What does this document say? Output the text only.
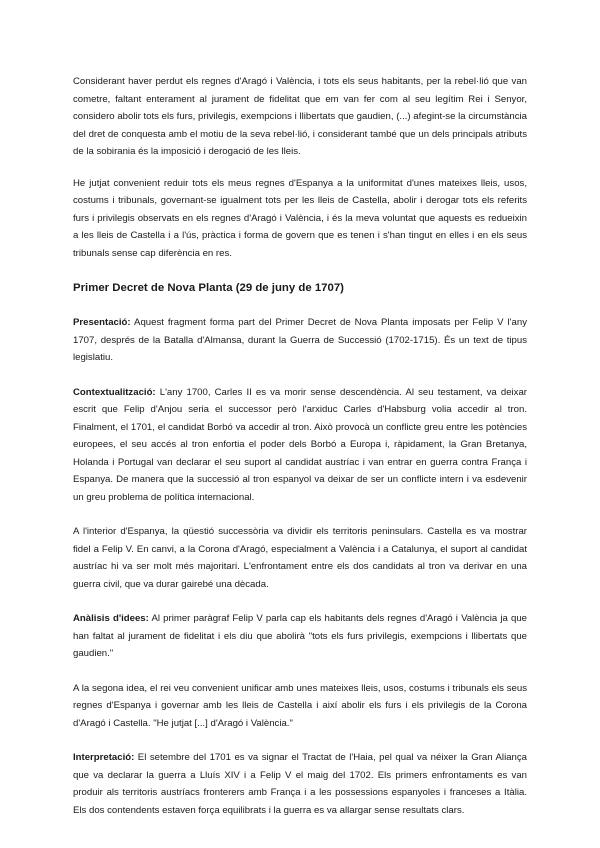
Considerant haver perdut els regnes d'Aragó i València, i tots els seus habitants, per la rebel·lió que van cometre, faltant enterament al jurament de fidelitat que em van fer com al seu legítim Rei i Senyor, considero abolir tots els furs, privilegis, exempcions i llibertats que gaudien, (...) afegint-se la circumstància del dret de conquesta amb el motiu de la seva rebel·lió, i considerant també que un dels principals atributs de la sobirania és la imposició i derogació de les lleis.

He jutjat convenient reduir tots els meus regnes d'Espanya a la uniformitat d'unes mateixes lleis, usos, costums i tribunals, governant-se igualment tots per les lleis de Castella, abolir i derogar tots els referits furs i privilegis observats en els regnes d'Aragó i València, i és la meva voluntat que aquests es redueixin a les lleis de Castella i a l'ús, pràctica i forma de govern que es tenen i s'han tingut en elles i en els seus tribunals sense cap diferència en res.

Primer Decret de Nova Planta (29 de juny de 1707)

Presentació: Aquest fragment forma part del Primer Decret de Nova Planta imposats per Felip V l'any 1707, després de la Batalla d'Almansa, durant la Guerra de Successió (1702-1715). És un text de tipus legislatiu.

Contextualització: L'any 1700, Carles II es va morir sense descendència. Al seu testament, va deixar escrit que Felip d'Anjou seria el successor però l'arxiduc Carles d'Habsburg volia accedir al tron. Finalment, el 1701, el candidat Borbó va accedir al tron. Això provocà un conflicte greu entre les potències europees, el seu accés al tron enfortia el poder dels Borbó a Europa i, ràpidament, la Gran Bretanya, Holanda i Portugal van declarar el seu suport al candidat austríac i van entrar en guerra contra França i Espanya. De manera que la successió al tron espanyol va deixar de ser un conflicte intern i va esdevenir un greu problema de política internacional.

A l'interior d'Espanya, la qüestió successòria va dividir els territoris peninsulars. Castella es va mostrar fidel a Felip V. En canvi, a la Corona d'Aragó, especialment a València i a Catalunya, el suport al candidat austríac hi va ser molt més majoritari. L'enfrontament entre els dos candidats al tron va derivar en una guerra civil, que va durar gairebé una dècada.

Anàlisis d'idees: Al primer paràgraf Felip V parla cap els habitants dels regnes d'Aragó i València ja que han faltat al jurament de fidelitat i els diu que abolirà "tots els furs privilegis, exempcions i llibertats que gaudien."

A la segona idea, el rei veu convenient unificar amb unes mateixes lleis, usos, costums i tribunals els seus regnes d'Espanya i governar amb les lleis de Castella i així abolir els furs i els privilegis de la Corona d'Aragó i Castella. "He jutjat [...] d'Aragó i València."

Interpretació: El setembre del 1701 es va signar el Tractat de l'Haia, pel qual va néixer la Gran Aliança que va declarar la guerra a Lluís XIV i a Felip V el maig del 1702. Els primers enfrontaments es van produir als territoris austríacs fronterers amb França i a les possessions espanyoles i franceses a Itàlia. Els dos contendents estaven força equilibrats i la guerra es va allargar sense resultats clars.
